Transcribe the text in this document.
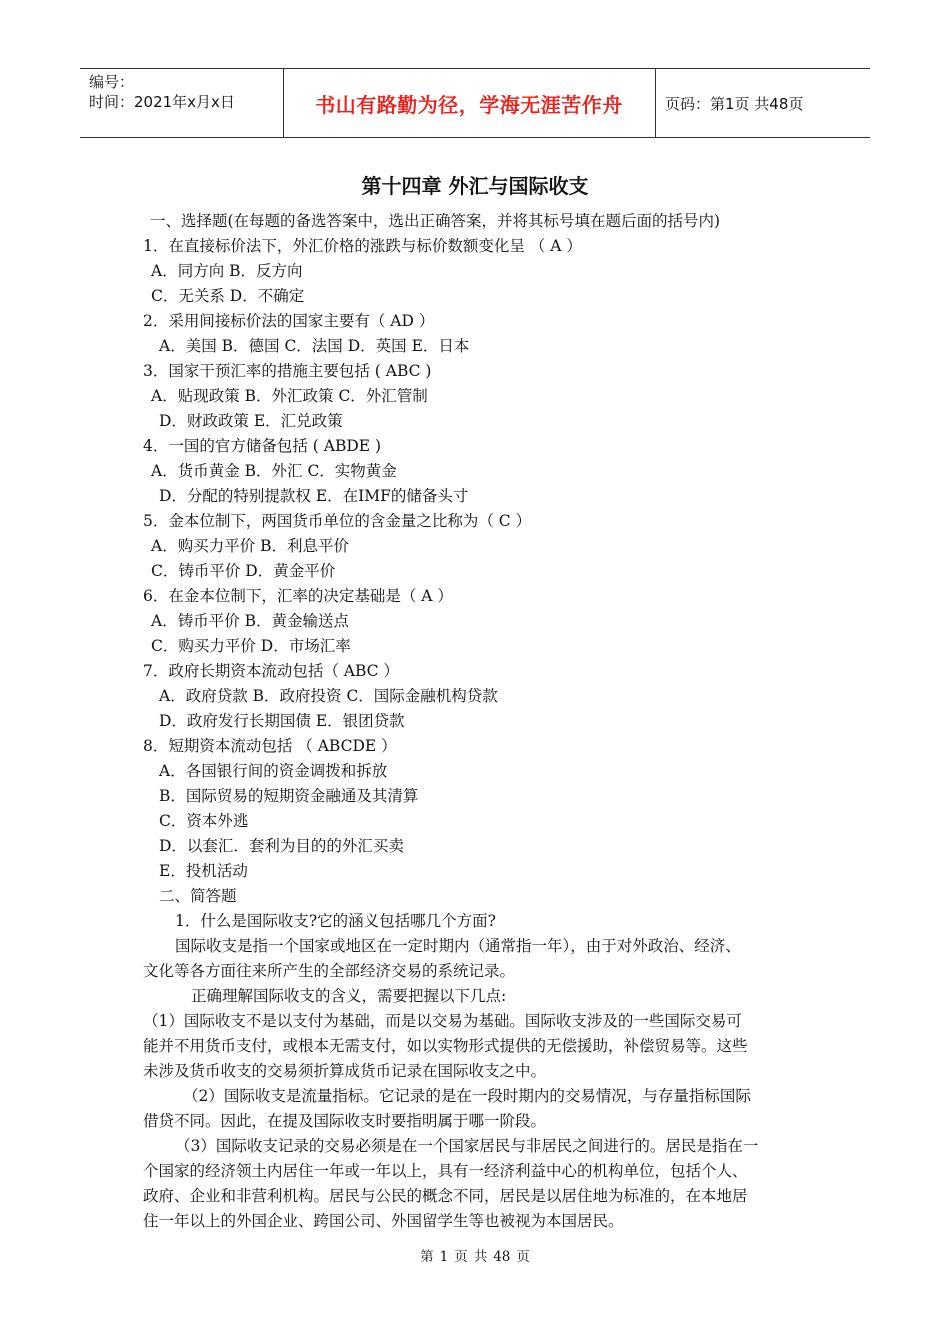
编号：
时间：2021年x月x日	书山有路勤为径，学海无涯苦作舟	页码：第1页 共48页
第十四章 外汇与国际收支
一、选择题(在每题的备选答案中，选出正确答案，并将其标号填在题后面的括号内)
1．在直接标价法下，外汇价格的涨跌与标价数额变化呈 （ A ）
A．同方向 B．反方向
C．无关系 D．不确定
2．采用间接标价法的国家主要有（ AD ）
A．美国 B．德国 C．法国 D．英国 E．日本
3．国家干预汇率的措施主要包括 ( ABC )
A．贴现政策 B．外汇政策 C．外汇管制
D．财政政策 E．汇兑政策
4．一国的官方储备包括 ( ABDE )
A．货币黄金 B．外汇 C．实物黄金
D．分配的特别提款权 E．在IMF的储备头寸
5．金本位制下，两国货币单位的含金量之比称为（ C ）
A．购买力平价 B．利息平价
C．铸币平价 D．黄金平价
6．在金本位制下，汇率的决定基础是（ A ）
A．铸币平价 B．黄金输送点
C．购买力平价 D．市场汇率
7．政府长期资本流动包括（ ABC ）
A．政府贷款 B．政府投资 C．国际金融机构贷款
D．政府发行长期国债 E．银团贷款
8．短期资本流动包括 （ ABCDE ）
A．各国银行间的资金调拨和拆放
B．国际贸易的短期资金融通及其清算
C．资本外逃
D．以套汇．套利为目的的外汇买卖
E．投机活动
二、简答题
1．什么是国际收支?它的涵义包括哪几个方面?
国际收支是指一个国家或地区在一定时期内（通常指一年），由于对外政治、经济、
文化等各方面往来所产生的全部经济交易的系统记录。
正确理解国际收支的含义，需要把握以下几点:
（1）国际收支不是以支付为基础，而是以交易为基础。国际收支涉及的一些国际交易可
能并不用货币支付，或根本无需支付，如以实物形式提供的无偿援助，补偿贸易等。这些
未涉及货币收支的交易须折算成货币记录在国际收支之中。
（2）国际收支是流量指标。它记录的是在一段时期内的交易情况，与存量指标国际
借贷不同。因此，在提及国际收支时要指明属于哪一阶段。
（3）国际收支记录的交易必须是在一个国家居民与非居民之间进行的。居民是指在一
个国家的经济领土内居住一年或一年以上，具有一经济利益中心的机构单位，包括个人、
政府、企业和非营利机构。居民与公民的概念不同，居民是以居住地为标准的，在本地居
住一年以上的外国企业、跨国公司、外国留学生等也被视为本国居民。
第 1 页 共 48 页
